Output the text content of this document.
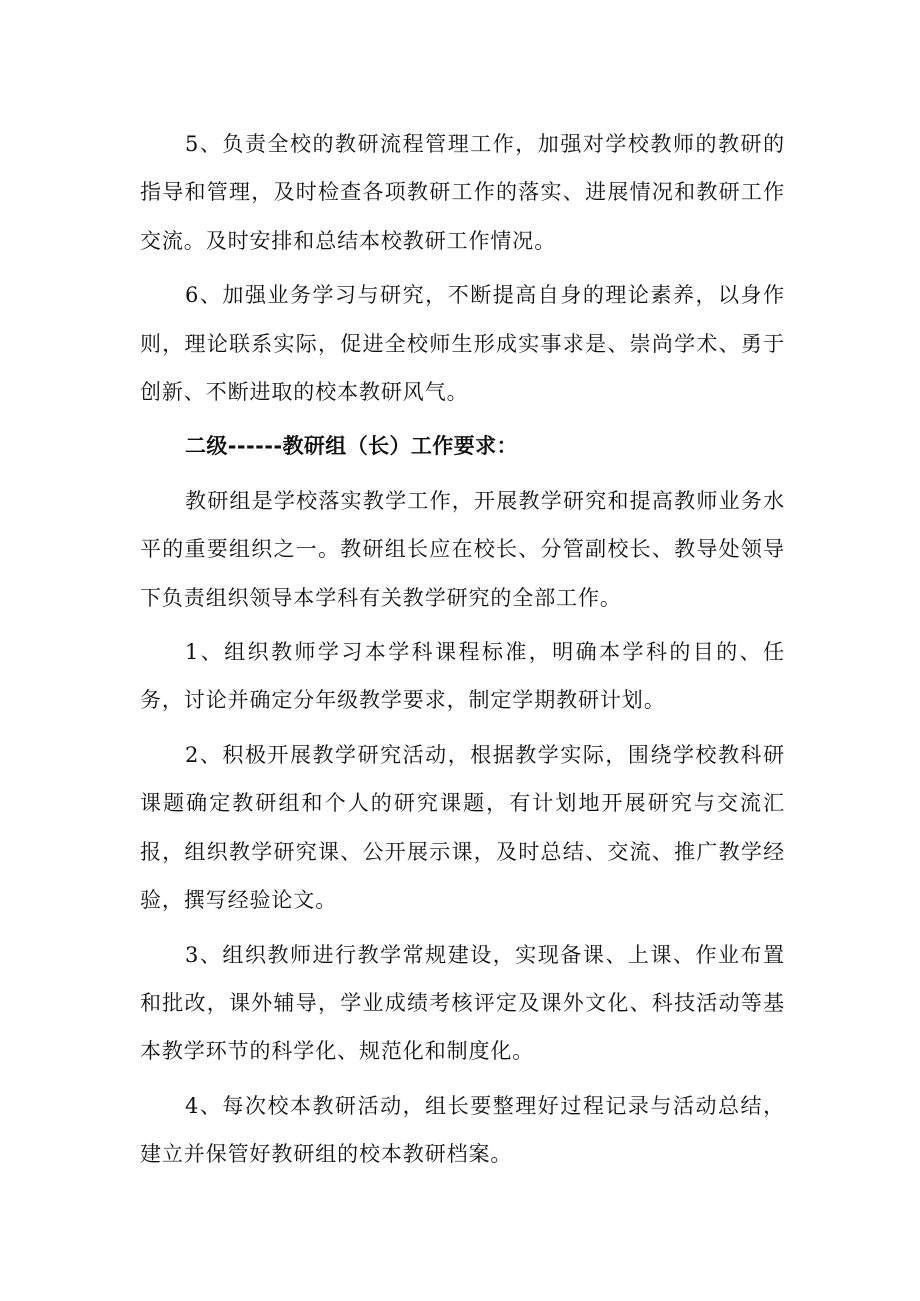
5、负责全校的教研流程管理工作，加强对学校教师的教研的指导和管理，及时检查各项教研工作的落实、进展情况和教研工作交流。及时安排和总结本校教研工作情况。

6、加强业务学习与研究，不断提高自身的理论素养，以身作则，理论联系实际，促进全校师生形成实事求是、崇尚学术、勇于创新、不断进取的校本教研风气。

二级------教研组（长）工作要求：

教研组是学校落实教学工作，开展教学研究和提高教师业务水平的重要组织之一。教研组长应在校长、分管副校长、教导处领导下负责组织领导本学科有关教学研究的全部工作。

1、组织教师学习本学科课程标准，明确本学科的目的、任务，讨论并确定分年级教学要求，制定学期教研计划。

2、积极开展教学研究活动，根据教学实际，围绕学校教科研课题确定教研组和个人的研究课题，有计划地开展研究与交流汇报，组织教学研究课、公开展示课，及时总结、交流、推广教学经验，撰写经验论文。

3、组织教师进行教学常规建设，实现备课、上课、作业布置和批改，课外辅导，学业成绩考核评定及课外文化、科技活动等基本教学环节的科学化、规范化和制度化。

4、每次校本教研活动，组长要整理好过程记录与活动总结，建立并保管好教研组的校本教研档案。
